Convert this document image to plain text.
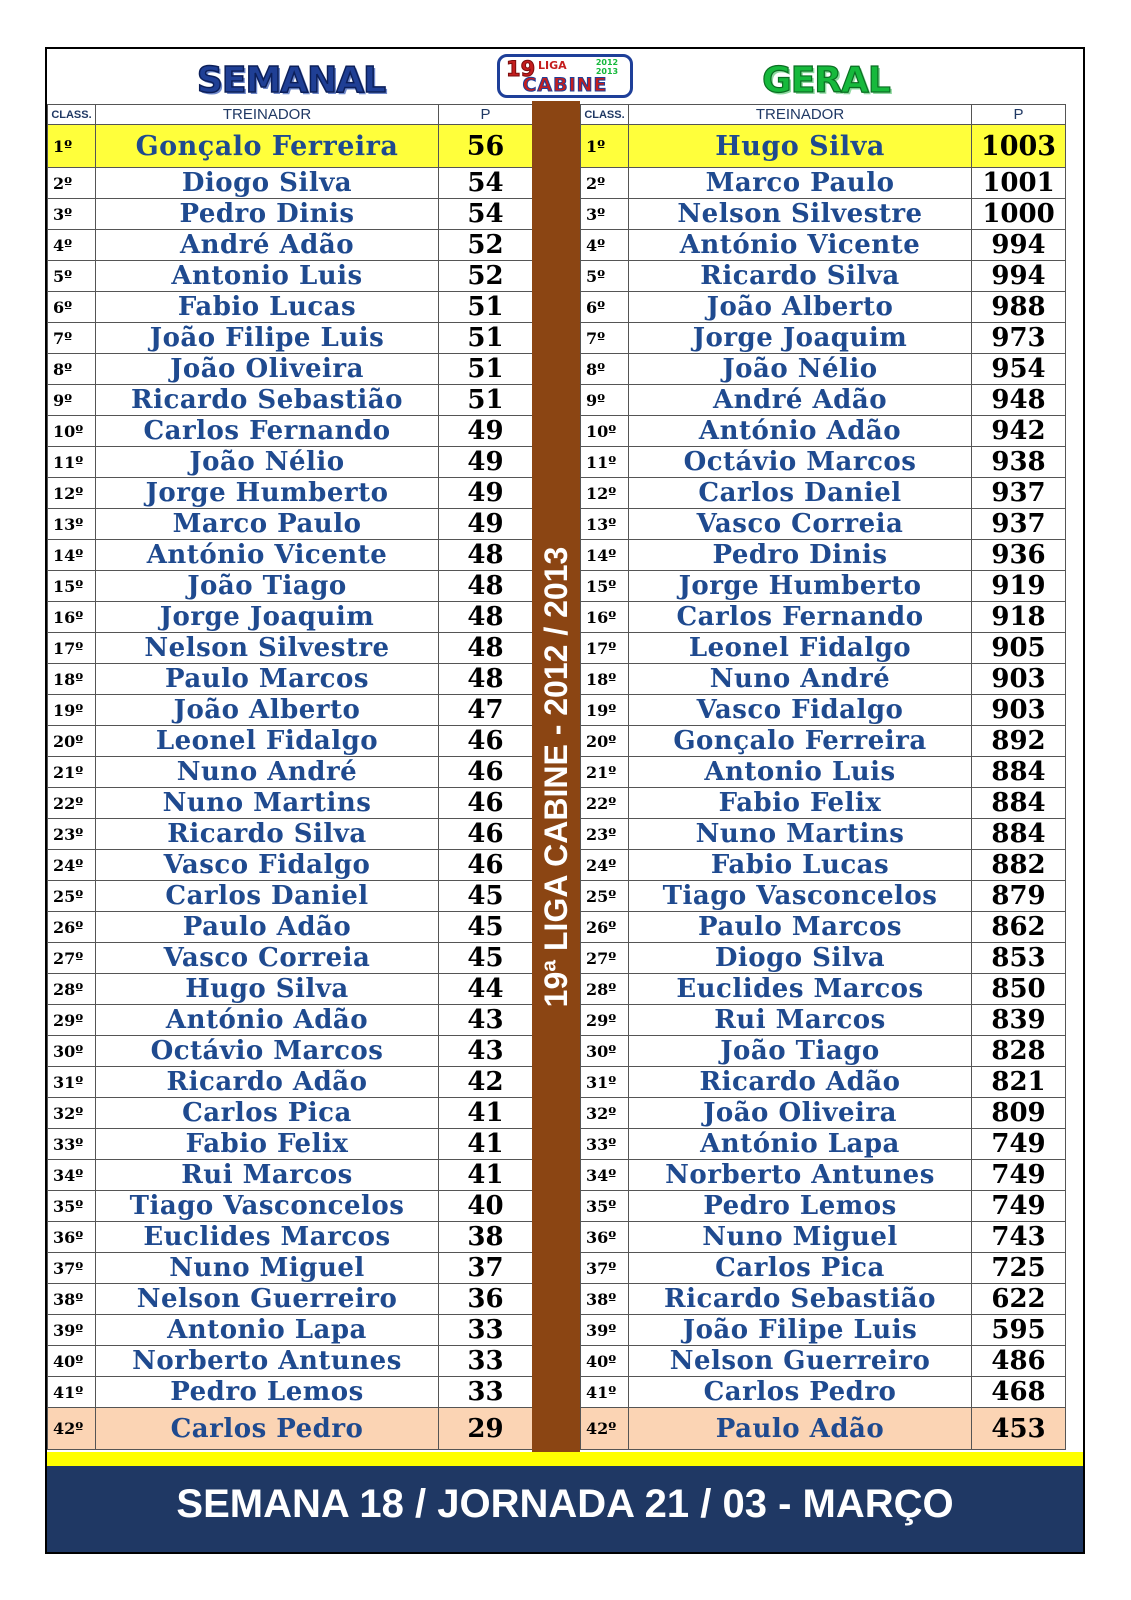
SEMANAL	19 LIGA	2012 2013
CABINE	GERAL
CLASS.	TREINADOR	P
1º	Gonçalo Ferreira	56
2º	Diogo Silva	54
3º	Pedro Dinis	54
4º	André Adão	52
5º	Antonio Luis	52
6º	Fabio Lucas	51
7º	João Filipe Luis	51
8º	João Oliveira	51
9º	Ricardo Sebastião	51
10º	Carlos Fernando	49
11º	João Nélio	49
12º	Jorge Humberto	49
13º	Marco Paulo	49
14º	António Vicente	48
15º	João Tiago	48
16º	Jorge Joaquim	48
17º	Nelson Silvestre	48
18º	Paulo Marcos	48
19º	João Alberto	47
20º	Leonel Fidalgo	46
21º	Nuno André	46
22º	Nuno Martins	46
23º	Ricardo Silva	46
24º	Vasco Fidalgo	46
25º	Carlos Daniel	45
26º	Paulo Adão	45
27º	Vasco Correia	45
28º	Hugo Silva	44
29º	António Adão	43
30º	Octávio Marcos	43
31º	Ricardo Adão	42
32º	Carlos Pica	41
33º	Fabio Felix	41
34º	Rui Marcos	41
35º	Tiago Vasconcelos	40
36º	Euclides Marcos	38
37º	Nuno Miguel	37
38º	Nelson Guerreiro	36
39º	Antonio Lapa	33
40º	Norberto Antunes	33
41º	Pedro Lemos	33
42º	Carlos Pedro	29
19ª LIGA CABINE - 2012 / 2013
CLASS.	TREINADOR	P
1º	Hugo Silva	1003
2º	Marco Paulo	1001
3º	Nelson Silvestre	1000
4º	António Vicente	994
5º	Ricardo Silva	994
6º	João Alberto	988
7º	Jorge Joaquim	973
8º	João Nélio	954
9º	André Adão	948
10º	António Adão	942
11º	Octávio Marcos	938
12º	Carlos Daniel	937
13º	Vasco Correia	937
14º	Pedro Dinis	936
15º	Jorge Humberto	919
16º	Carlos Fernando	918
17º	Leonel Fidalgo	905
18º	Nuno André	903
19º	Vasco Fidalgo	903
20º	Gonçalo Ferreira	892
21º	Antonio Luis	884
22º	Fabio Felix	884
23º	Nuno Martins	884
24º	Fabio Lucas	882
25º	Tiago Vasconcelos	879
26º	Paulo Marcos	862
27º	Diogo Silva	853
28º	Euclides Marcos	850
29º	Rui Marcos	839
30º	João Tiago	828
31º	Ricardo Adão	821
32º	João Oliveira	809
33º	António Lapa	749
34º	Norberto Antunes	749
35º	Pedro Lemos	749
36º	Nuno Miguel	743
37º	Carlos Pica	725
38º	Ricardo Sebastião	622
39º	João Filipe Luis	595
40º	Nelson Guerreiro	486
41º	Carlos Pedro	468
42º	Paulo Adão	453
SEMANA 18 / JORNADA 21 / 03 - MARÇO
